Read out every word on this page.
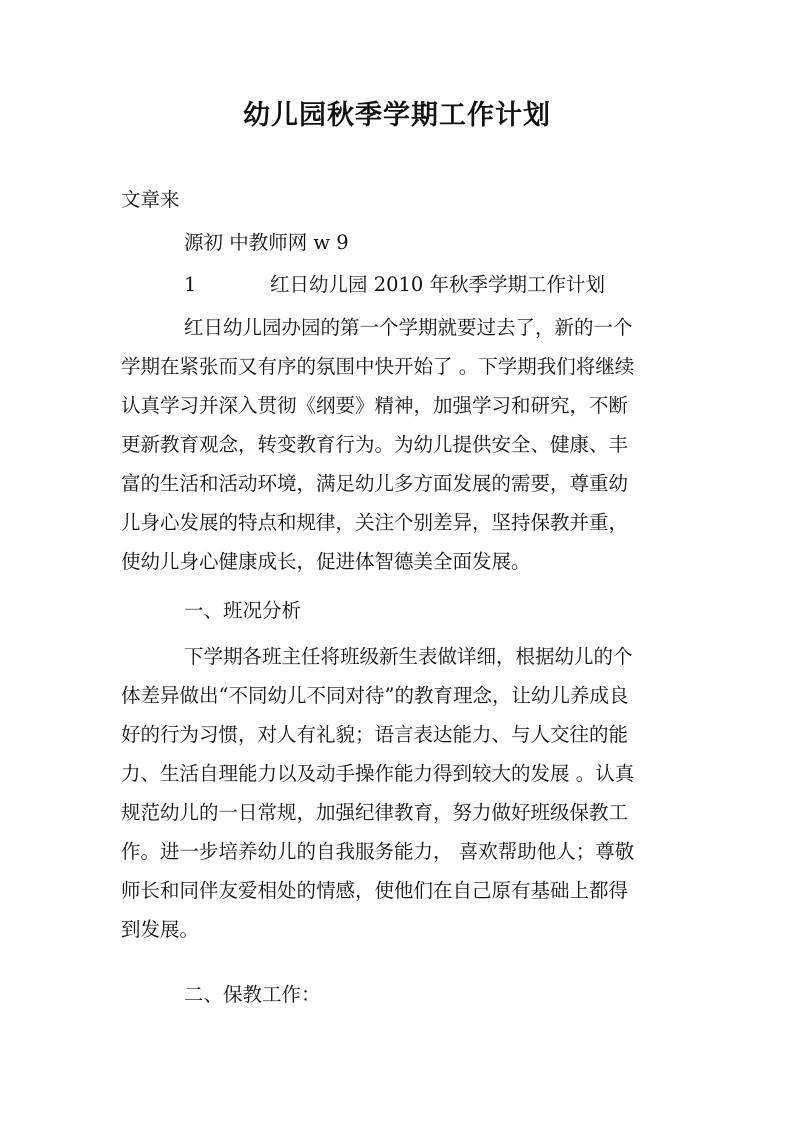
幼儿园秋季学期工作计划
文章来
源初 中教师网 w 9
1	红日幼儿园 2010 年秋季学期工作计划
红日幼儿园办园的第一个学期就要过去了，新的一个
学期在紧张而又有序的氛围中快开始了 。下学期我们将继续
认真学习并深入贯彻《纲要》精神，加强学习和研究，不断
更新教育观念，转变教育行为。为幼儿提供安全、健康、丰
富的生活和活动环境，满足幼儿多方面发展的需要，尊重幼
儿身心发展的特点和规律，关注个别差异，坚持保教并重，
使幼儿身心健康成长，促进体智德美全面发展。
一、班况分析
下学期各班主任将班级新生表做详细，根据幼儿的个
体差异做出“不同幼儿不同对待”的教育理念，让幼儿养成良
好的行为习惯，对人有礼貌；语言表达能力、与人交往的能
力、生活自理能力以及动手操作能力得到较大的发展 。认真
规范幼儿的一日常规，加强纪律教育，努力做好班级保教工
作。进一步培养幼儿的自我服务能力， 喜欢帮助他人；尊敬
师长和同伴友爱相处的情感，使他们在自己原有基础上都得
到发展。
二、保教工作：
